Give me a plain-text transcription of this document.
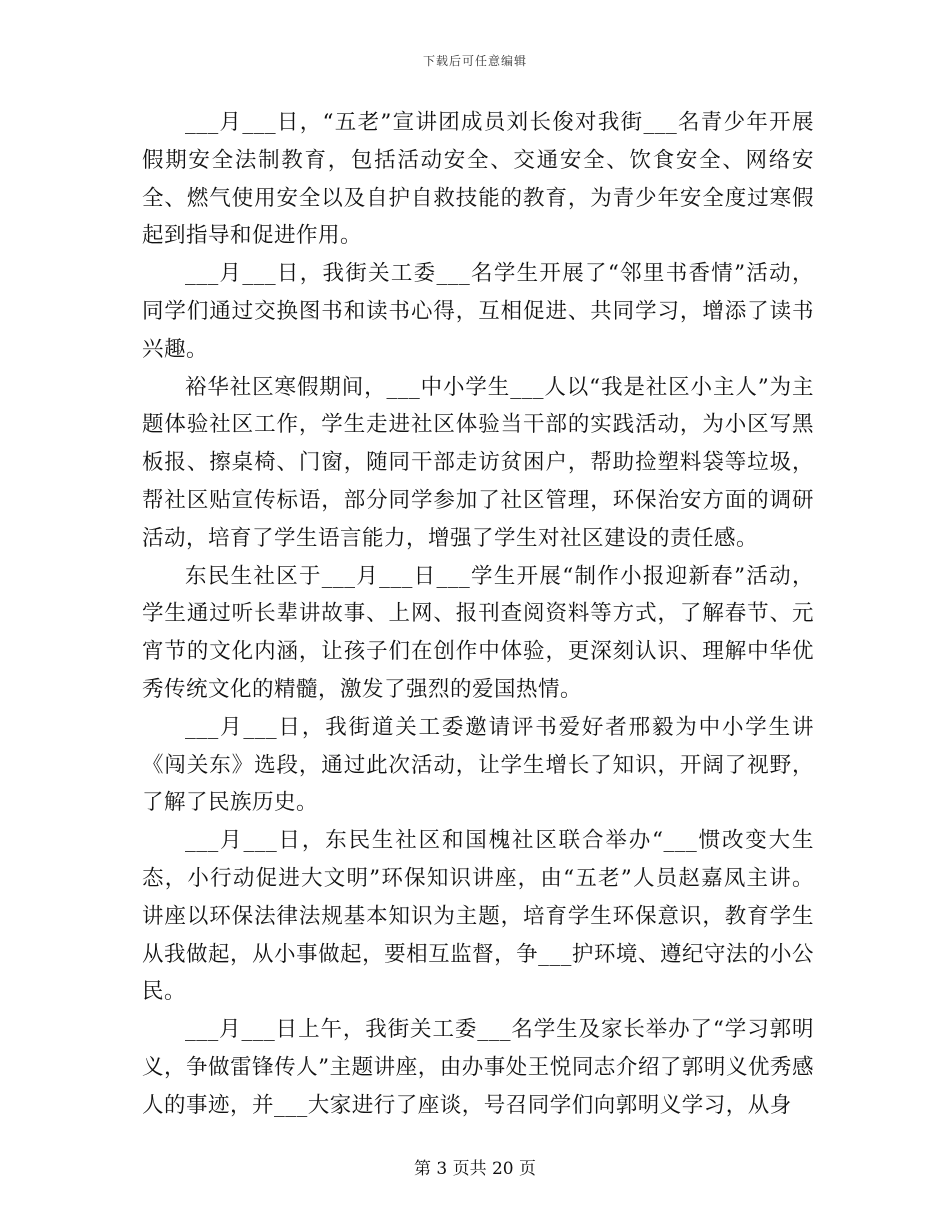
下载后可任意编辑

___月___日，“五老”宣讲团成员刘长俊对我街___名青少年开展假期安全法制教育，包括活动安全、交通安全、饮食安全、网络安全、燃气使用安全以及自护自救技能的教育，为青少年安全度过寒假起到指导和促进作用。

___月___日，我街关工委___名学生开展了“邻里书香情”活动，同学们通过交换图书和读书心得，互相促进、共同学习，增添了读书兴趣。

裕华社区寒假期间，___中小学生___人以“我是社区小主人”为主题体验社区工作，学生走进社区体验当干部的实践活动，为小区写黑板报、擦桌椅、门窗，随同干部走访贫困户，帮助捡塑料袋等垃圾，帮社区贴宣传标语，部分同学参加了社区管理，环保治安方面的调研活动，培育了学生语言能力，增强了学生对社区建设的责任感。

东民生社区于___月___日___学生开展“制作小报迎新春”活动，学生通过听长辈讲故事、上网、报刊查阅资料等方式，了解春节、元宵节的文化内涵，让孩子们在创作中体验，更深刻认识、理解中华优秀传统文化的精髓，激发了强烈的爱国热情。

___月___日，我街道关工委邀请评书爱好者邢毅为中小学生讲《闯关东》选段，通过此次活动，让学生增长了知识，开阔了视野，了解了民族历史。

___月___日，东民生社区和国槐社区联合举办“___惯改变大生态，小行动促进大文明”环保知识讲座，由“五老”人员赵嘉凤主讲。讲座以环保法律法规基本知识为主题，培育学生环保意识，教育学生从我做起，从小事做起，要相互监督，争___护环境、遵纪守法的小公民。

___月___日上午，我街关工委___名学生及家长举办了“学习郭明义，争做雷锋传人”主题讲座，由办事处王悦同志介绍了郭明义优秀感人的事迹，并___大家进行了座谈，号召同学们向郭明义学习，从身

第 3 页共 20 页
